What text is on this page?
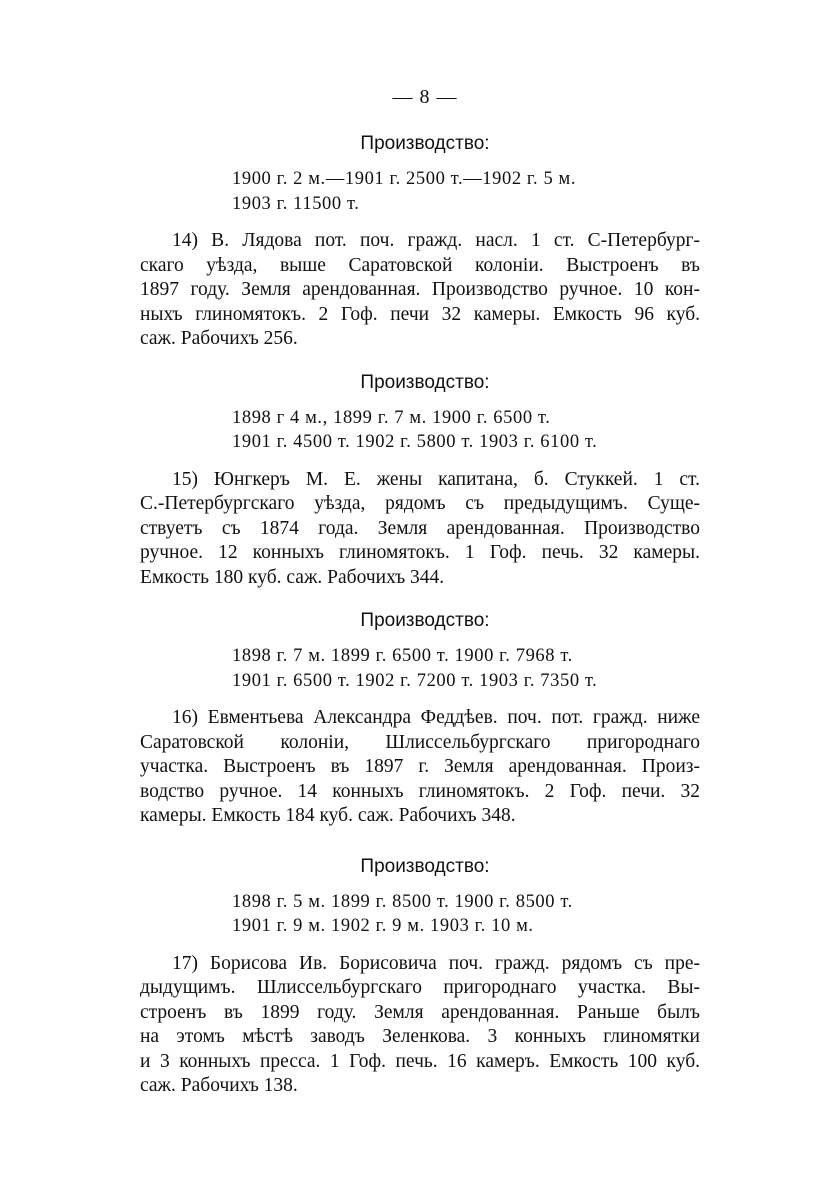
— 8 —
Производство:
1900 г. 2 м.—1901 г. 2500 т.—1902 г. 5 м.
1903 г. 11500 т.
14) В. Лядова пот. поч. гражд. насл. 1 ст. С-Петербург-
скаго уѣзда, выше Саратовской колоніи. Выстроенъ въ
1897 году. Земля арендованная. Производство ручное. 10 кон-
ныхъ глиномятокъ. 2 Гоф. печи 32 камеры. Емкость 96 куб.
саж. Рабочихъ 256.
Производство:
1898 г 4 м., 1899 г. 7 м. 1900 г. 6500 т.
1901 г. 4500 т. 1902 г. 5800 т. 1903 г. 6100 т.
15) Юнгкеръ М. Е. жены капитана, б. Стуккей. 1 ст.
С.-Петербургскаго уѣзда, рядомъ съ предыдущимъ. Суще-
ствуетъ съ 1874 года. Земля арендованная. Производство
ручное. 12 конныхъ глиномятокъ. 1 Гоф. печь. 32 камеры.
Емкость 180 куб. саж. Рабочихъ 344.
Производство:
1898 г. 7 м. 1899 г. 6500 т. 1900 г. 7968 т.
1901 г. 6500 т. 1902 г. 7200 т. 1903 г. 7350 т.
16) Евментьева Александра Феддѣев. поч. пот. гражд. ниже
Саратовской колоніи, Шлиссельбургскаго пригороднаго
участка. Выстроенъ въ 1897 г. Земля арендованная. Произ-
водство ручное. 14 конныхъ глиномятокъ. 2 Гоф. печи. 32
камеры. Емкость 184 куб. саж. Рабочихъ 348.
Производство:
1898 г. 5 м. 1899 г. 8500 т. 1900 г. 8500 т.
1901 г. 9 м. 1902 г. 9 м. 1903 г. 10 м.
17) Борисова Ив. Борисовича поч. гражд. рядомъ съ пре-
дыдущимъ. Шлиссельбургскаго пригороднаго участка. Вы-
строенъ въ 1899 году. Земля арендованная. Раньше былъ
на этомъ мѣстѣ заводъ Зеленкова. 3 конныхъ глиномятки
и 3 конныхъ пресса. 1 Гоф. печь. 16 камеръ. Емкость 100 куб.
саж. Рабочихъ 138.
